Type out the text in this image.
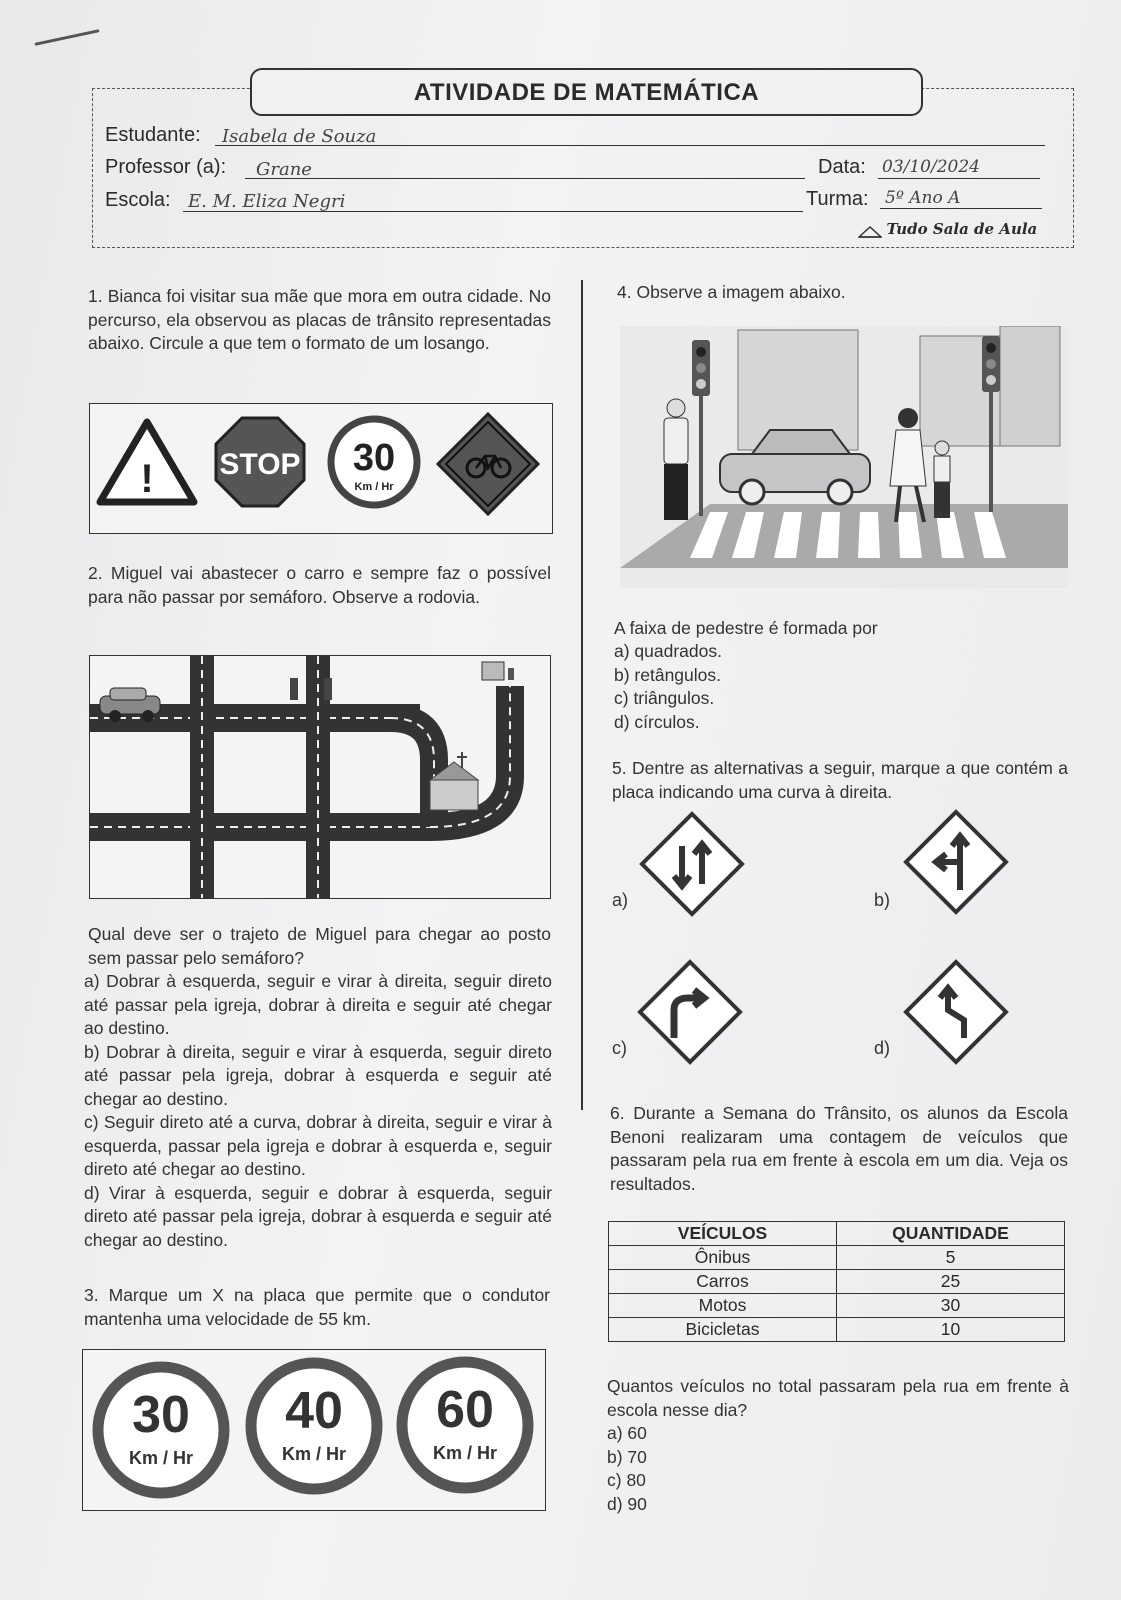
ATIVIDADE DE MATEMÁTICA
Estudante: Isabela de Souza
Professor (a): Grane	Data: 03/10/2024
Escola: E. M. Eliza Negri	Turma: 5º Ano A
Tudo Sala de Aula
1. Bianca foi visitar sua mãe que mora em outra cidade. No percurso, ela observou as placas de trânsito representadas abaixo. Circule a que tem o formato de um losango.
! STOP 30
Km / Hr
2. Miguel vai abastecer o carro e sempre faz o possível para não passar por semáforo. Observe a rodovia.
Qual deve ser o trajeto de Miguel para chegar ao posto sem passar pelo semáforo?
a) Dobrar à esquerda, seguir e virar à direita, seguir direto até passar pela igreja, dobrar à direita e seguir até chegar ao destino.
b) Dobrar à direita, seguir e virar à esquerda, seguir direto até passar pela igreja, dobrar à esquerda e seguir até chegar ao destino.
c) Seguir direto até a curva, dobrar à direita, seguir e virar à esquerda, passar pela igreja e dobrar à esquerda e, seguir direto até chegar ao destino.
d) Virar à esquerda, seguir e dobrar à esquerda, seguir direto até passar pela igreja, dobrar à esquerda e seguir até chegar ao destino.
3. Marque um X na placa que permite que o condutor mantenha uma velocidade de 55 km.
30
Km / Hr
40
Km / Hr
60
Km / Hr
4. Observe a imagem abaixo.
A faixa de pedestre é formada por
a) quadrados.
b) retângulos.
c) triângulos.
d) círculos.
5. Dentre as alternativas a seguir, marque a que contém a placa indicando uma curva à direita.
a)	b)
c)	d)
6. Durante a Semana do Trânsito, os alunos da Escola Benoni realizaram uma contagem de veículos que passaram pela rua em frente à escola em um dia. Veja os resultados.
VEÍCULOS	QUANTIDADE
Ônibus	5
Carros	25
Motos	30
Bicicletas	10
Quantos veículos no total passaram pela rua em frente à escola nesse dia?
a) 60
b) 70
c) 80
d) 90
